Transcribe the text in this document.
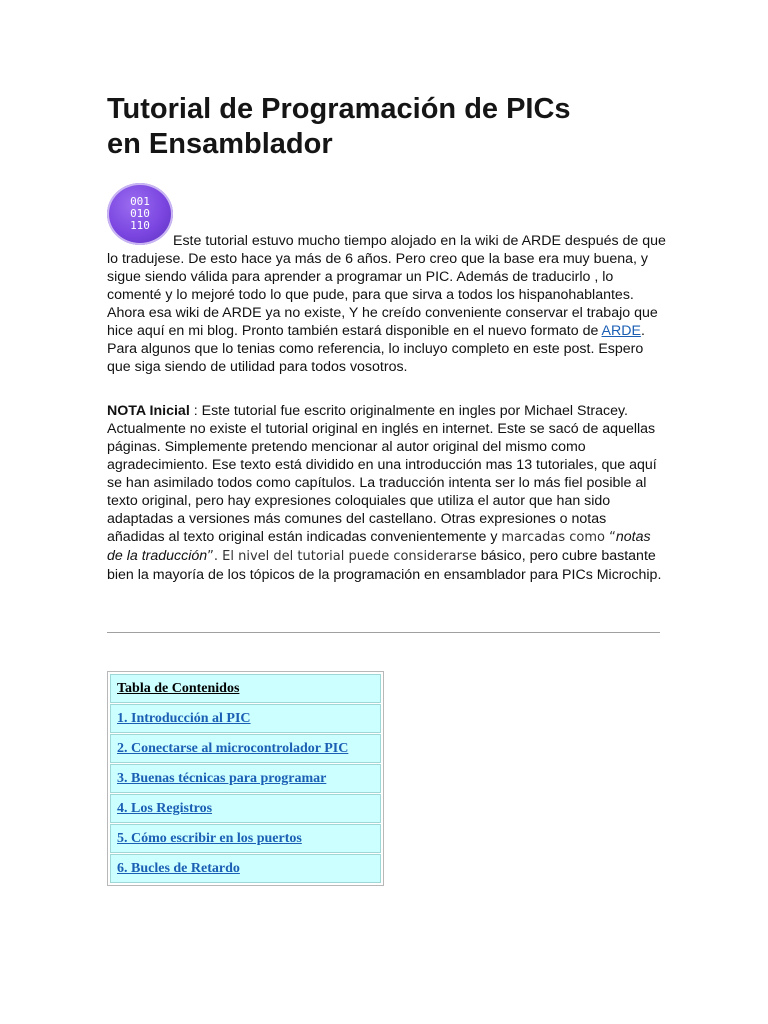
Tutorial de Programación de PICs
en Ensamblador
001
010
110

Este tutorial estuvo mucho tiempo alojado en la wiki de ARDE después de que lo tradujese. De esto hace ya más de 6 años. Pero creo que la base era muy buena, y sigue siendo válida para aprender a programar un PIC. Además de traducirlo , lo comenté y lo mejoré todo lo que pude, para que sirva a todos los hispanohablantes. Ahora esa wiki de ARDE ya no existe, Y he creído conveniente conservar el trabajo que hice aquí en mi blog. Pronto también estará disponible en el nuevo formato de ARDE. Para algunos que lo tenias como referencia, lo incluyo completo en este post. Espero que siga siendo de utilidad para todos vosotros.

NOTA Inicial : Este tutorial fue escrito originalmente en ingles por Michael Stracey. Actualmente no existe el tutorial original en inglés en internet. Este se sacó de aquellas páginas. Simplemente pretendo mencionar al autor original del mismo como agradecimiento. Ese texto está dividido en una introducción mas 13 tutoriales, que aquí se han asimilado todos como capítulos. La traducción intenta ser lo más fiel posible al texto original, pero hay expresiones coloquiales que utiliza el autor que han sido adaptadas a versiones más comunes del castellano. Otras expresiones o notas añadidas al texto original están indicadas convenientemente y marcadas como “notas de la traducción”. El nivel del tutorial puede considerarse básico, pero cubre bastante bien la mayoría de los tópicos de la programación en ensamblador para PICs Microchip.

Tabla de Contenidos
1. Introducción al PIC
2. Conectarse al microcontrolador PIC
3. Buenas técnicas para programar
4. Los Registros
5. Cómo escribir en los puertos
6. Bucles de Retardo
